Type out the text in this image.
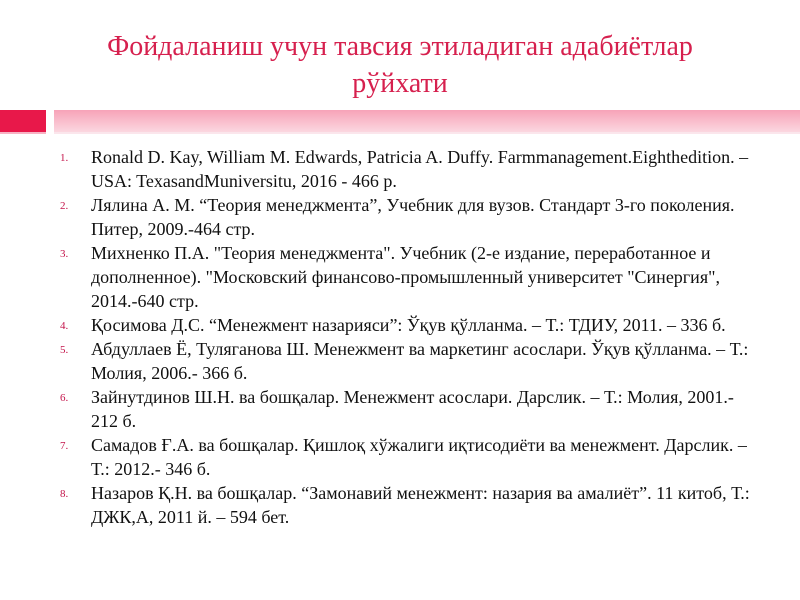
Фойдаланиш учун тавсия этиладиган адабиётлар
рўйхати
1. Ronald D. Kay, William M. Edwards, Patricia A. Duffy. Farmmanagement.Eighthedition. –USA: TexasandMuniversitu, 2016 - 466 p.
2. Лялина А. М. “Теория менеджмента”, Учебник для вузов. Стандарт 3-го поколения. Питер, 2009.-464 стр.
3. Михненко П.А. "Теория менеджмента". Учебник (2-е издание, переработанное и дополненное). "Московский финансово-промышленный университет "Синергия", 2014.-640 стр.
4. Қосимова Д.С. “Менежмент назарияси”: Ўқув қўлланма. – Т.: ТДИУ, 2011. – 336 б.
5. Абдуллаев Ё, Туляганова Ш. Менежмент ва маркетинг асослари. Ўқув қўлланма. – Т.: Молия, 2006.- 366 б.
6. Зайнутдинов Ш.Н. ва бошқалар. Менежмент асослари. Дарслик. – Т.: Молия, 2001.- 212 б.
7. Самадов Ғ.А. ва бошқалар. Қишлоқ хўжалиги иқтисодиёти ва менежмент. Дарслик. – Т.: 2012.- 346 б.
8. Назаров Қ.Н. ва бошқалар. “Замонавий менежмент: назария ва амалиёт”. 11 китоб, Т.: ДЖК,А, 2011 й. – 594 бет.
